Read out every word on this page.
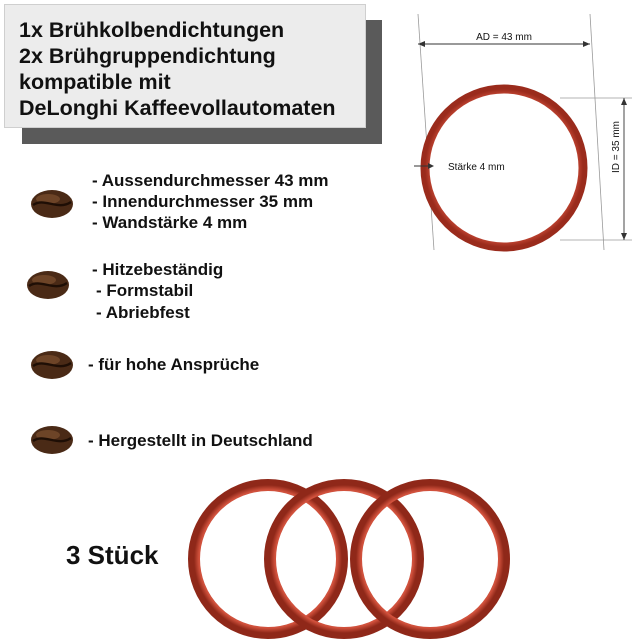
1x Brühkolbendichtungen
2x Brühgruppendichtung
kompatible mit
DeLonghi Kaffeevollautomaten
AD = 43 mm
ID = 35 mm
Stärke 4 mm
- Aussendurchmesser 43 mm
- Innendurchmesser 35 mm
- Wandstärke 4 mm
- Hitzebeständig
- Formstabil
- Abriebfest
- für hohe Ansprüche
- Hergestellt in Deutschland
3 Stück
